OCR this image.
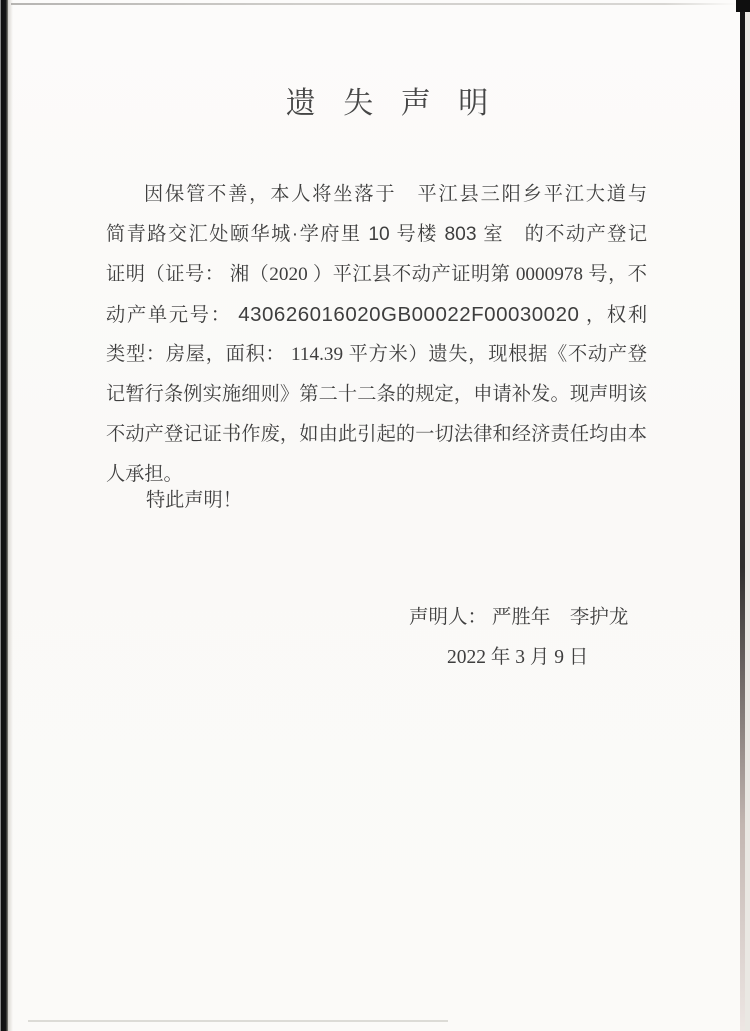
遗 失 声 明
因保管不善，本人将坐落于　 平江县三阳乡平江大道与
简青路交汇处颐华城·学府里 10 号楼 803 室　的不动产登记
证明（证号： 湘（2020 ）平江县不动产证明第 0000978 号，不
动产单元号： 430626016020GB00022F00030020 ，权利
类型：房屋，面积： 114.39 平方米）遗失，现根据《不动产登
记暂行条例实施细则》第二十二条的规定，申请补发。现声明该
不动产登记证书作废，如由此引起的一切法律和经济责任均由本
人承担。
特此声明！
声明人： 严胜年　李护龙
2022 年 3 月 9 日
